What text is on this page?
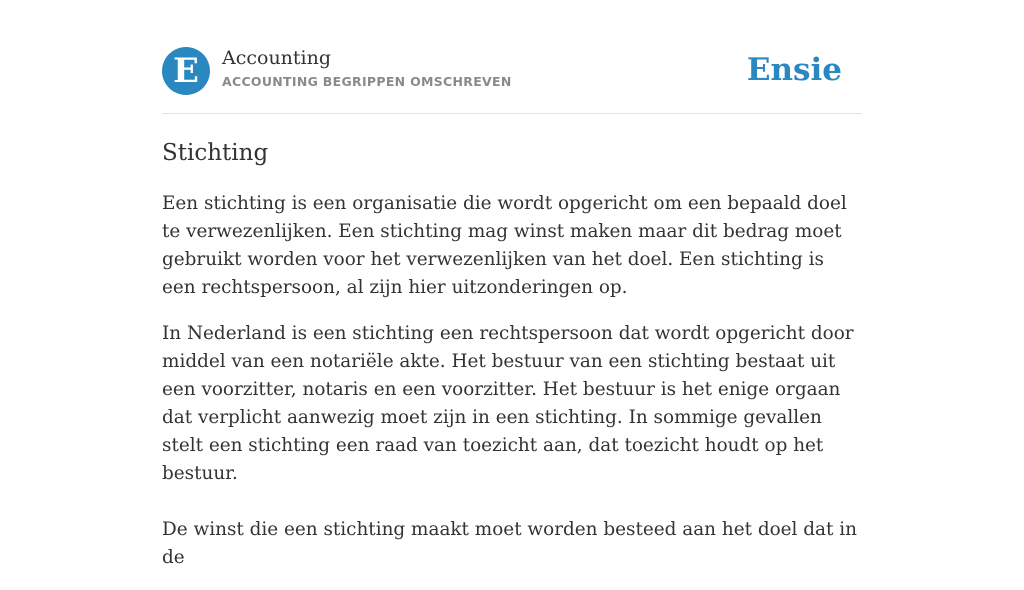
E	Accounting
ACCOUNTING BEGRIPPEN OMSCHREVEN	Ensie
Stichting

Een stichting is een organisatie die wordt opgericht om een bepaald doel te verwezenlijken. Een stichting mag winst maken maar dit bedrag moet gebruikt worden voor het verwezenlijken van het doel. Een stichting is een rechtspersoon, al zijn hier uitzonderingen op.

In Nederland is een stichting een rechtspersoon dat wordt opgericht door middel van een notariële akte. Het bestuur van een stichting bestaat uit een voorzitter, notaris en een voorzitter. Het bestuur is het enige orgaan dat verplicht aanwezig moet zijn in een stichting. In sommige gevallen stelt een stichting een raad van toezicht aan, dat toezicht houdt op het bestuur.

De winst die een stichting maakt moet worden besteed aan het doel dat in de
